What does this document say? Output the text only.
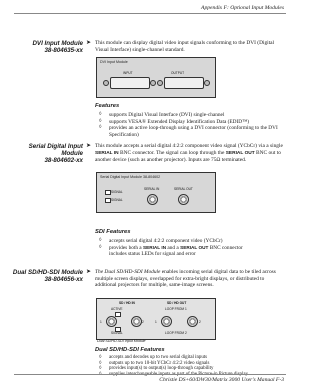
Appendix F: Optional Input Modules
DVI Input Module
38-804635-xx
➤ This module can display digital video input signals conforming to the DVI (Digital Visual Interface) single-channel standard.
DVI Input Module
INPUT	OUTPUT
Features
◊ supports Digital Visual Interface (DVI) single-channel
◊ supports VESA® Extended Display Identification Data (EDID™)
◊ provides an active loop-through using a DVI connector (conforming to the DVI Specification)
Serial Digital Input Module
38-804602-xx
➤ This module accepts a serial digital 4:2:2 component video signal (YCbCr) via a single SERIAL IN BNC connector. The signal can loop through the SERIAL OUT BNC out to another device (such as another projector). Inputs are 75Ω terminated.
Serial Digital Input Module 38-804602
SIGNAL
SIGNAL
SERIAL IN	SERIAL OUT
SDI Features
◊ accepts serial digital 4:2:2 component video (YCbCr)
◊ provides both a SERIAL IN and a SERIAL OUT BNC connector
includes status LEDs for signal and error
Dual SD/HD-SDI Module
38-804656-xx
➤ The Dual SD/HD-SDI Module enables incoming serial digital data to be tiled across multiple screen displays, overlapped for extra-bright displays, or distributed to additional projectors for multiple, same-image screens.
SD / HD IN	SD / HD OUT
ACTIVE	LOOP FROM 1
SIGNAL	LOOP FROM 2
1	2	1	2
Dual SD/HD-SDI Input Module
Dual SD/HD-SDI Features
◊ accepts and decodes up to two serial digital inputs
◊ outputs up to two 10-bit YCbCr 4:2:2 video signals
◊ provides input(s) to output(s) loop-through capability
◊ supplies interchangeable inputs as part of the Picture-in Picture display
Christie DS+60/DW30/Matrix 3000 User's Manual F-3
